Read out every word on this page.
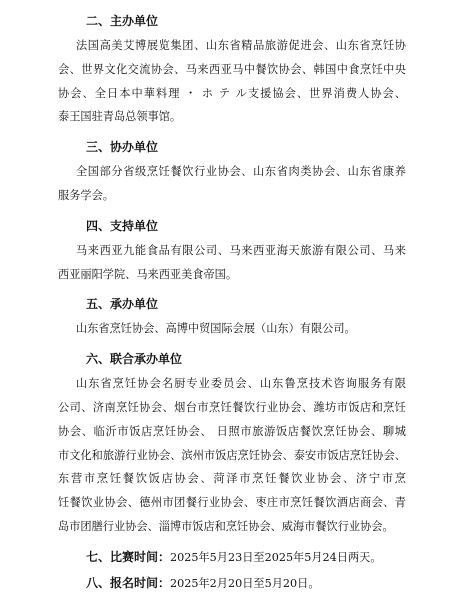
二、主办单位
法国高美艾博展览集团、山东省精品旅游促进会、山东省烹饪协
会、世界文化交流协会、马来西亚马中餐饮协会、韩国中食烹饪中央
协会、全日本中華料理 ・ ホ テ ル支援協会、世界消费人协会、
泰王国驻青岛总领事馆。
三、协办单位
全国部分省级烹饪餐饮行业协会、山东省肉类协会、山东省康养
服务学会。
四、支持单位
马来西亚九能食品有限公司、马来西亚海天旅游有限公司、马来
西亚丽阳学院、马来西亚美食帝国。
五、承办单位
山东省烹饪协会、高博中贸国际会展（山东）有限公司。
六、联合承办单位
山东省烹饪协会名厨专业委员会、山东鲁烹技术咨询服务有限
公司、济南烹饪协会、烟台市烹饪餐饮行业协会、潍坊市饭店和烹饪
协会、临沂市饭店烹饪协会、 日照市旅游饭店餐饮烹饪协会、聊城
市文化和旅游行业协会、滨州市饭店烹饪协会、泰安市饭店烹饪协会、
东营市烹饪餐饮饭店协会、菏泽市烹饪餐饮业协会、济宁市烹
饪餐饮业协会、德州市团餐行业协会、枣庄市烹饪餐饮酒店商会、青
岛市团膳行业协会、淄博市饭店和烹饪协会、威海市餐饮行业协会。
七、比赛时间：2025年5月23日至2025年5月24日两天。
八、报名时间：2025年2月20日至5月20日。
